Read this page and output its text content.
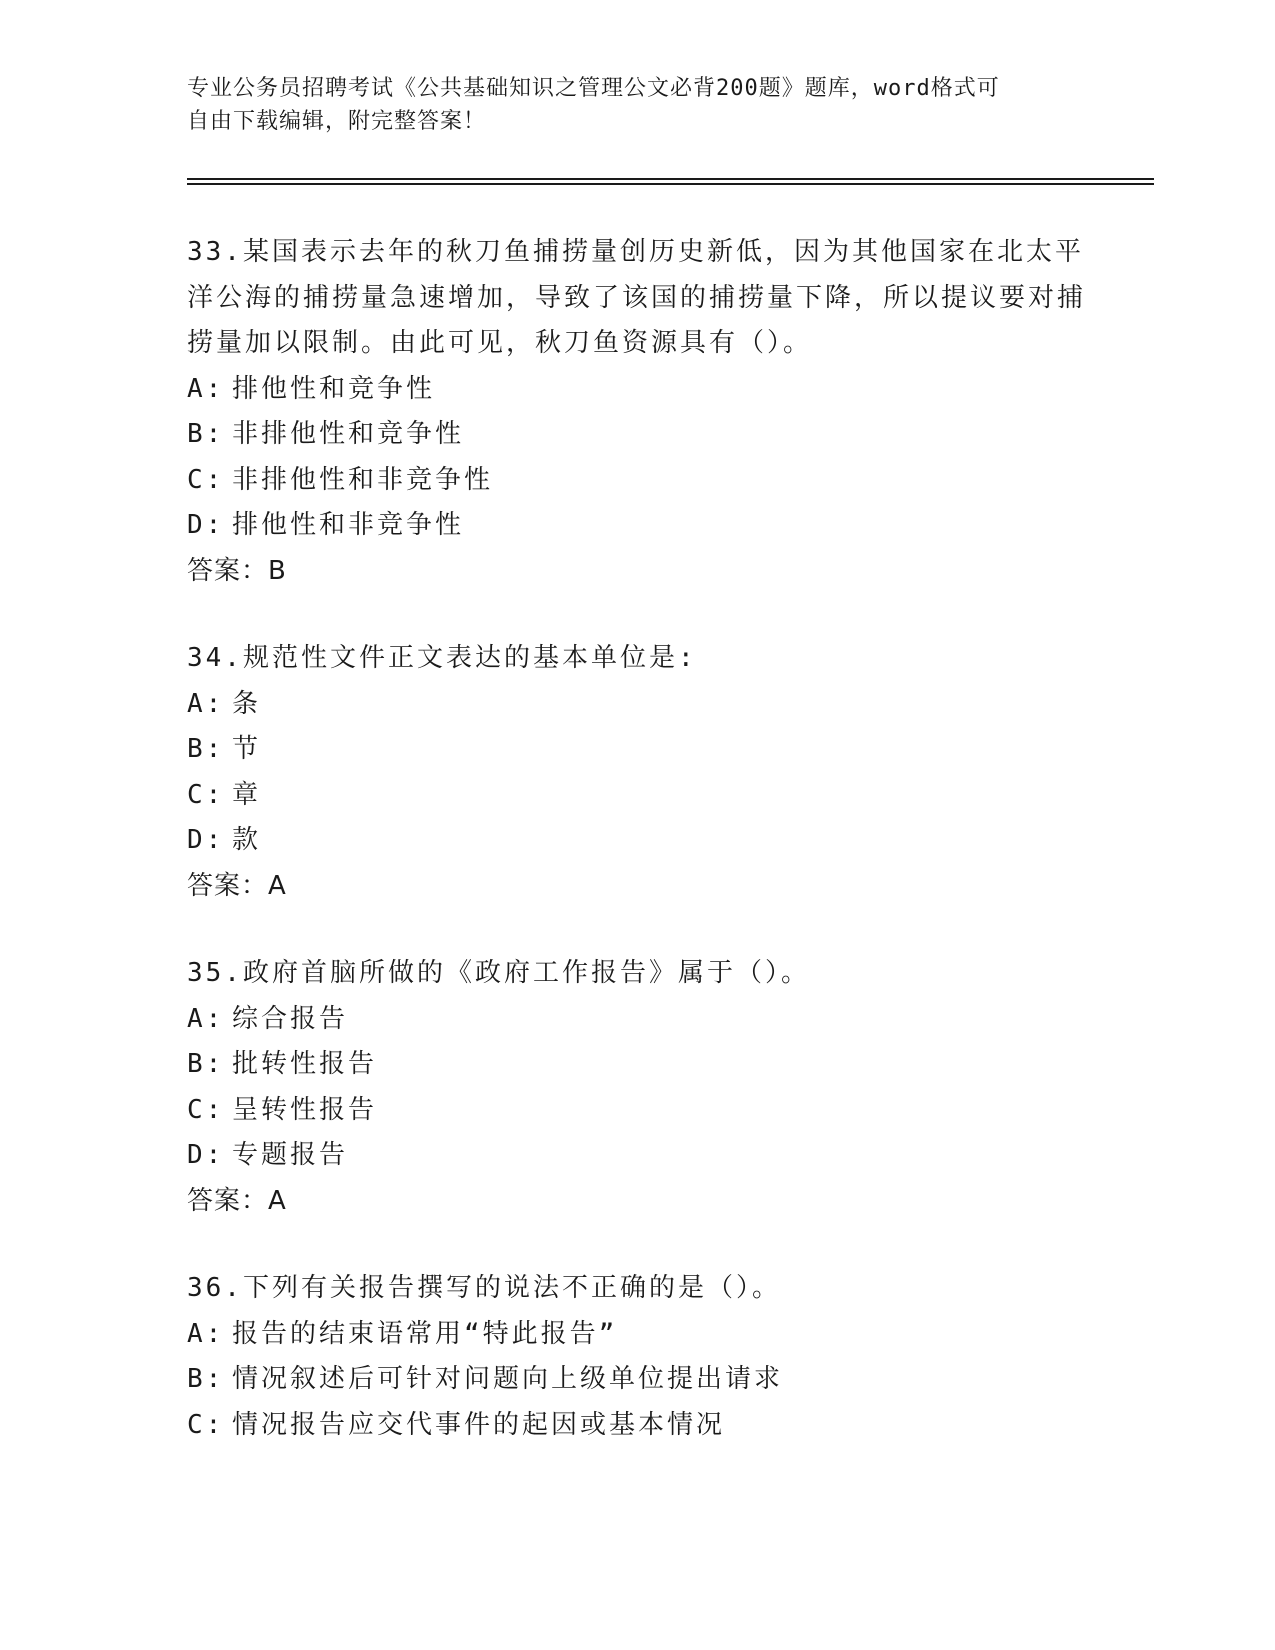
专业公务员招聘考试《公共基础知识之管理公文必背200题》题库，word格式可
自由下载编辑，附完整答案！
33.某国表示去年的秋刀鱼捕捞量创历史新低，因为其他国家在北太平洋公海的捕捞量急速增加，导致了该国的捕捞量下降，所以提议要对捕捞量加以限制。由此可见，秋刀鱼资源具有（）。
A: 排他性和竞争性
B: 非排他性和竞争性
C: 非排他性和非竞争性
D: 排他性和非竞争性
答案：B
34.规范性文件正文表达的基本单位是:
A: 条
B: 节
C: 章
D: 款
答案：A
35.政府首脑所做的《政府工作报告》属于（）。
A: 综合报告
B: 批转性报告
C: 呈转性报告
D: 专题报告
答案：A
36.下列有关报告撰写的说法不正确的是（）。
A: 报告的结束语常用“特此报告”
B: 情况叙述后可针对问题向上级单位提出请求
C: 情况报告应交代事件的起因或基本情况
